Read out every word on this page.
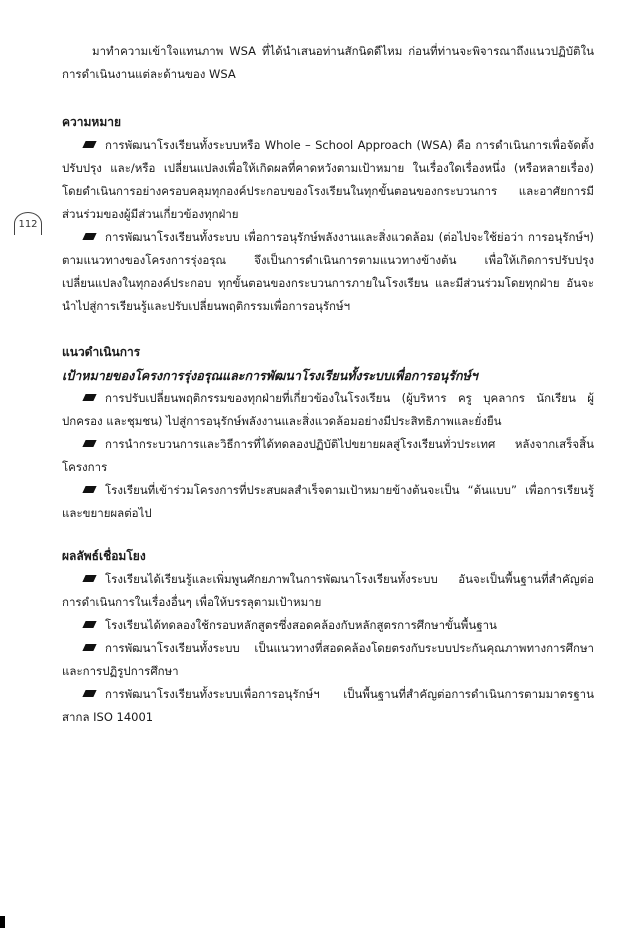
112

มาทำความเข้าใจแทนภาพ WSA ที่ได้นำเสนอท่านสักนิดดีไหม ก่อนที่ท่านจะพิจารณาถึงแนวปฏิบัติในการดำเนินงานแต่ละด้านของ WSA

ความหมาย

การพัฒนาโรงเรียนทั้งระบบหรือ Whole – School Approach (WSA) คือ การดำเนินการเพื่อจัดตั้ง ปรับปรุง และ/หรือ เปลี่ยนแปลงเพื่อให้เกิดผลที่คาดหวังตามเป้าหมาย ในเรื่องใดเรื่องหนึ่ง (หรือหลายเรื่อง) โดยดำเนินการอย่างครอบคลุมทุกองค์ประกอบของโรงเรียนในทุกขั้นตอนของกระบวนการ และอาศัยการมีส่วนร่วมของผู้มีส่วนเกี่ยวข้องทุกฝ่าย

การพัฒนาโรงเรียนทั้งระบบ เพื่อการอนุรักษ์พลังงานและสิ่งแวดล้อม (ต่อไปจะใช้ย่อว่า การอนุรักษ์ฯ) ตามแนวทางของโครงการรุ่งอรุณ จึงเป็นการดำเนินการตามแนวทางข้างต้น เพื่อให้เกิดการปรับปรุงเปลี่ยนแปลงในทุกองค์ประกอบ ทุกขั้นตอนของกระบวนการภายในโรงเรียน และมีส่วนร่วมโดยทุกฝ่าย อันจะนำไปสู่การเรียนรู้และปรับเปลี่ยนพฤติกรรมเพื่อการอนุรักษ์ฯ

แนวดำเนินการ
เป้าหมายของโครงการรุ่งอรุณและการพัฒนาโรงเรียนทั้งระบบเพื่อการอนุรักษ์ฯ

การปรับเปลี่ยนพฤติกรรมของทุกฝ่ายที่เกี่ยวข้องในโรงเรียน (ผู้บริหาร ครู บุคลากร นักเรียน ผู้ปกครอง และชุมชน) ไปสู่การอนุรักษ์พลังงานและสิ่งแวดล้อมอย่างมีประสิทธิภาพและยั่งยืน

การนำกระบวนการและวิธีการที่ได้ทดลองปฏิบัติไปขยายผลสู่โรงเรียนทั่วประเทศ หลังจากเสร็จสิ้นโครงการ

โรงเรียนที่เข้าร่วมโครงการที่ประสบผลสำเร็จตามเป้าหมายข้างต้นจะเป็น “ต้นแบบ” เพื่อการเรียนรู้และขยายผลต่อไป

ผลลัพธ์เชื่อมโยง

โรงเรียนได้เรียนรู้และเพิ่มพูนศักยภาพในการพัฒนาโรงเรียนทั้งระบบ อันจะเป็นพื้นฐานที่สำคัญต่อการดำเนินการในเรื่องอื่นๆ เพื่อให้บรรลุตามเป้าหมาย

โรงเรียนได้ทดลองใช้กรอบหลักสูตรซึ่งสอดคล้องกับหลักสูตรการศึกษาขั้นพื้นฐาน

การพัฒนาโรงเรียนทั้งระบบ เป็นแนวทางที่สอดคล้องโดยตรงกับระบบประกันคุณภาพทางการศึกษาและการปฏิรูปการศึกษา

การพัฒนาโรงเรียนทั้งระบบเพื่อการอนุรักษ์ฯ เป็นพื้นฐานที่สำคัญต่อการดำเนินการตามมาตรฐานสากล ISO 14001
